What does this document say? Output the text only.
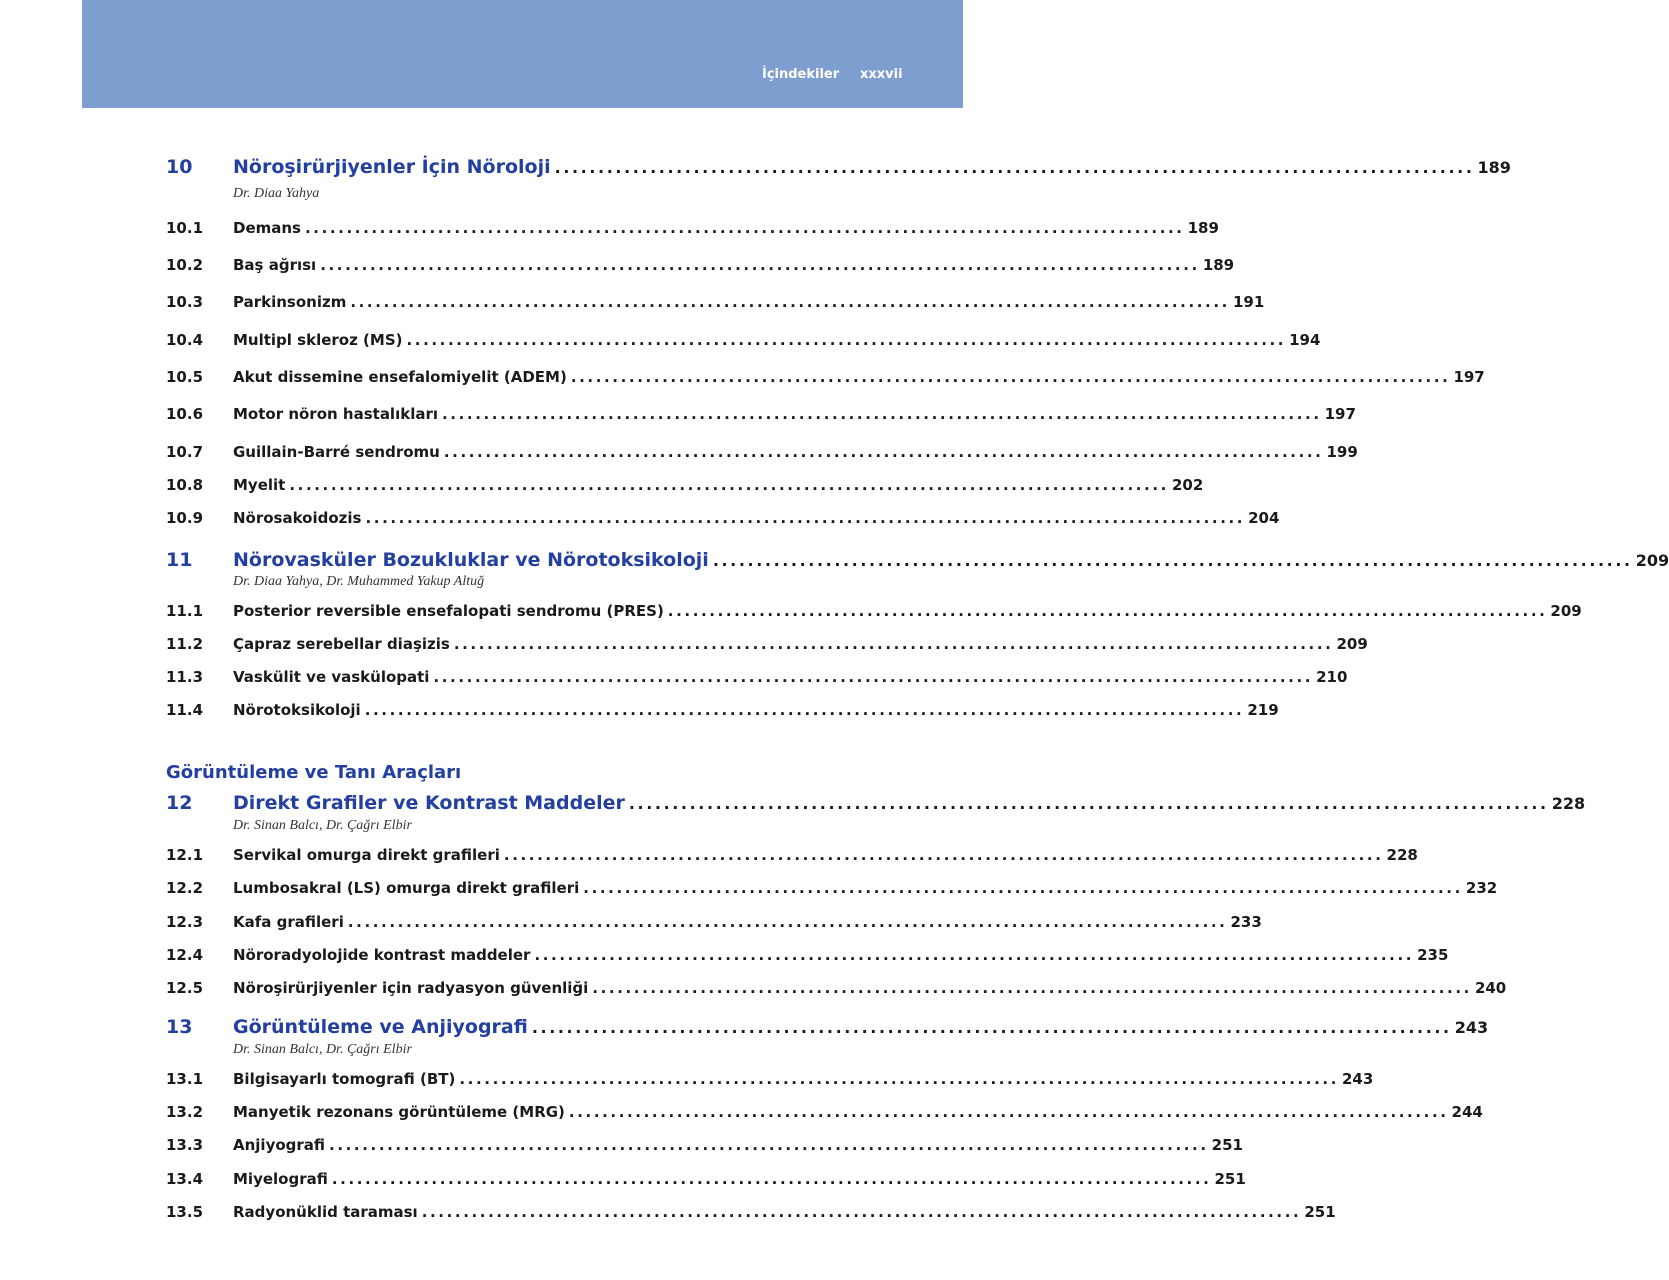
İçindekiler xxxvii
10 Nöroşirürjiyenler İçin Nöroloji .......................................................................................................... 189
Dr. Diaa Yahya
10.1 Demans .......................................................................................................... 189
10.2 Baş ağrısı .......................................................................................................... 189
10.3 Parkinsonizm .......................................................................................................... 191
10.4 Multipl skleroz (MS) .......................................................................................................... 194
10.5 Akut dissemine ensefalomiyelit (ADEM) .......................................................................................................... 197
10.6 Motor nöron hastalıkları .......................................................................................................... 197
10.7 Guillain-Barré sendromu .......................................................................................................... 199
10.8 Myelit .......................................................................................................... 202
10.9 Nörosakoidozis .......................................................................................................... 204
11 Nörovasküler Bozukluklar ve Nörotoksikoloji .......................................................................................................... 209
Dr. Diaa Yahya, Dr. Muhammed Yakup Altuğ
11.1 Posterior reversible ensefalopati sendromu (PRES) .......................................................................................................... 209
11.2 Çapraz serebellar diaşizis .......................................................................................................... 209
11.3 Vaskülit ve vaskülopati .......................................................................................................... 210
11.4 Nörotoksikoloji .......................................................................................................... 219
Görüntüleme ve Tanı Araçları
12 Direkt Grafiler ve Kontrast Maddeler .......................................................................................................... 228
Dr. Sinan Balcı, Dr. Çağrı Elbir
12.1 Servikal omurga direkt grafileri .......................................................................................................... 228
12.2 Lumbosakral (LS) omurga direkt grafileri .......................................................................................................... 232
12.3 Kafa grafileri .......................................................................................................... 233
12.4 Nöroradyolojide kontrast maddeler .......................................................................................................... 235
12.5 Nöroşirürjiyenler için radyasyon güvenliği .......................................................................................................... 240
13 Görüntüleme ve Anjiyografi .......................................................................................................... 243
Dr. Sinan Balcı, Dr. Çağrı Elbir
13.1 Bilgisayarlı tomografi (BT) .......................................................................................................... 243
13.2 Manyetik rezonans görüntüleme (MRG) .......................................................................................................... 244
13.3 Anjiyografi .......................................................................................................... 251
13.4 Miyelografi .......................................................................................................... 251
13.5 Radyonüklid taraması .......................................................................................................... 251
